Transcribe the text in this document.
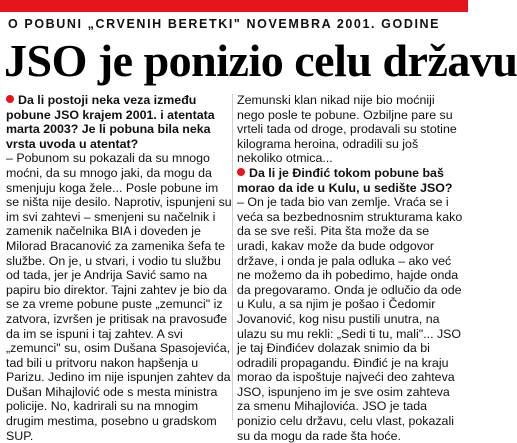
O POBUNI „CRVENIH BERETKI" NOVEMBRA 2001. GODINE
JSO je ponizio celu državu

Da li postoji neka veza između pobune JSO krajem 2001. i atentata marta 2003? Je li pobuna bila neka vrsta uvoda u atentat?

– Pobunom su pokazali da su mnogo moćni, da su mnogo jaki, da mogu da smenjuju koga žele... Posle pobune im se ništa nije desilo. Naprotiv, ispunjeni su im svi zahtevi – smenjeni su načelnik i zamenik načelnika BIA i doveden je Milorad Bracanović za zamenika šefa te službe. On je, u stvari, i vodio tu službu od tada, jer je Andrija Savić samo na papiru bio direktor. Tajni zahtev je bio da se za vreme pobune puste „zemunci" iz zatvora, izvršen je pritisak na pravosuđe da im se ispuni i taj zahtev. A svi „zemunci" su, osim Dušana Spasojevića, tad bili u pritvoru nakon hapšenja u Parizu. Jedino im nije ispunjen zahtev da Dušan Mihajlović ode s mesta ministra policije. No, kadrirali su na mnogim drugim mestima, posebno u gradskom SUP.

Zemunski klan nikad nije bio moćniji nego posle te pobune. Ozbiljne pare su vrteli tada od droge, prodavali su stotine kilograma heroina, odradili su još nekoliko otmica...

Da li je Đinđić tokom pobune baš morao da ide u Kulu, u sedište JSO?

– On je tada bio van zemlje. Vraća se i veća sa bezbednosnim strukturama kako da se sve reši. Pita šta može da se uradi, kakav može da bude odgovor države, i onda je pala odluka – ako već ne možemo da ih pobedimo, hajde onda da pregovaramo. Onda je odlučio da ode u Kulu, a sa njim je pošao i Čedomir Jovanović, kog nisu pustili unutra, na ulazu su mu rekli: „Sedi ti tu, mali"... JSO je taj Đinđićev dolazak snimio da bi odradili propagandu. Đinđić je na kraju morao da ispoštuje najveći deo zahteva JSO, ispunjeno im je sve osim zahteva za smenu Mihajlovića. JSO je tada ponizio celu državu, celu vlast, pokazali su da mogu da rade šta hoće.
